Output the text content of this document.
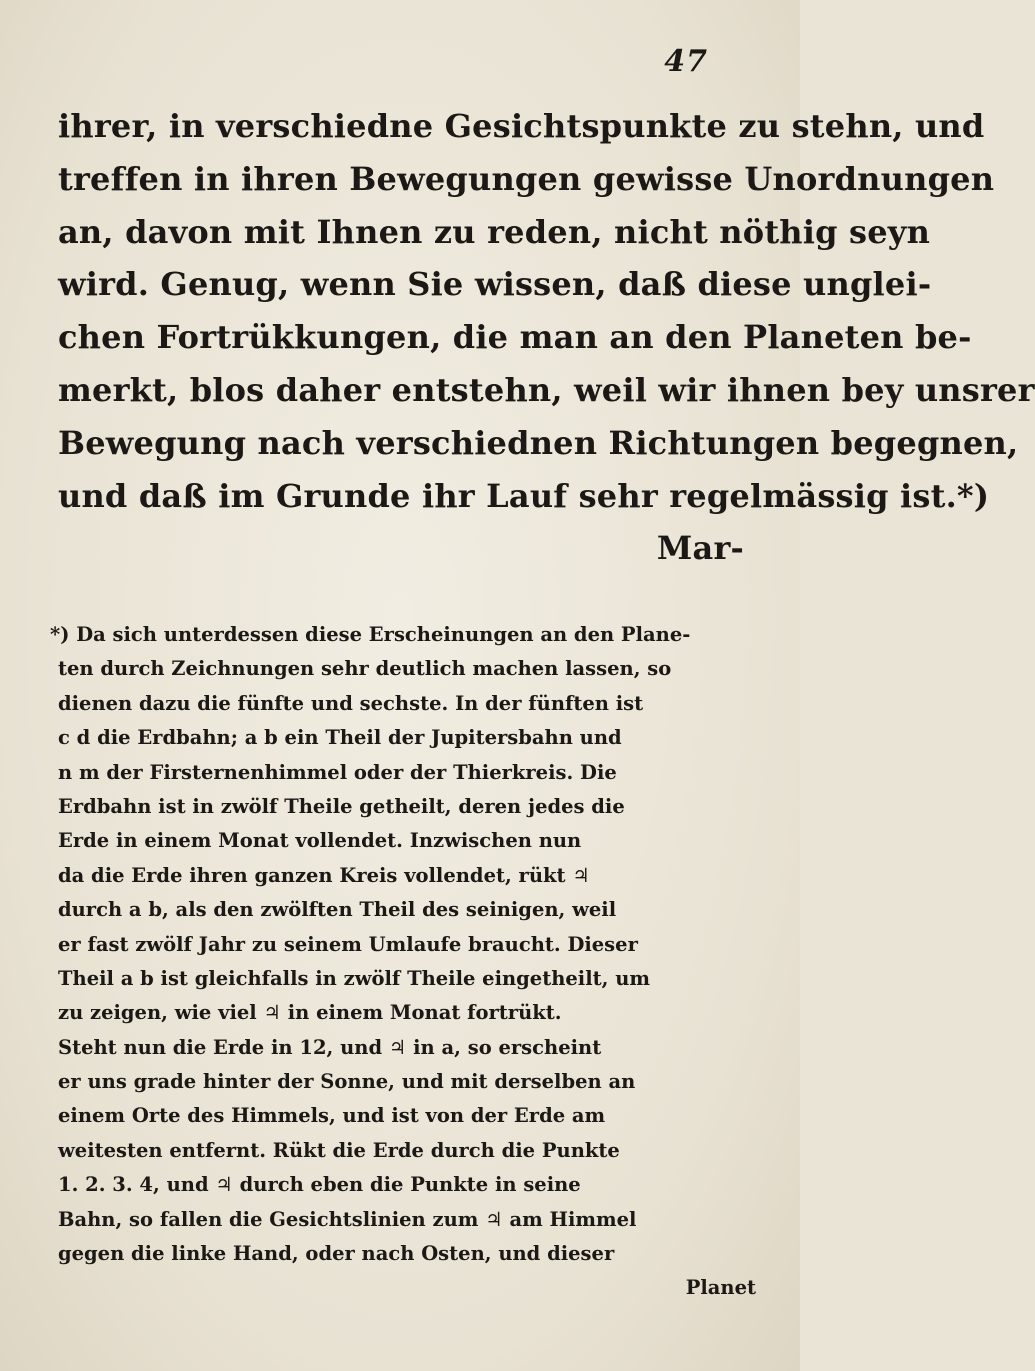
47
ihrer, in verschiedne Gesichtspunkte zu stehn, und
treffen in ihren Bewegungen gewisse Unordnungen
an, davon mit Ihnen zu reden, nicht nöthig seyn
wird. Genug, wenn Sie wissen, daß diese unglei-
chen Fortrükkungen, die man an den Planeten be-
merkt, blos daher entstehn, weil wir ihnen bey unsrer
Bewegung nach verschiednen Richtungen begegnen,
und daß im Grunde ihr Lauf sehr regelmässig ist.*)
Mar-
*) Da sich unterdessen diese Erscheinungen an den Plane-
ten durch Zeichnungen sehr deutlich machen lassen, so
dienen dazu die fünfte und sechste. In der fünften ist
c d die Erdbahn; a b ein Theil der Jupitersbahn und
n m der Firsternenhimmel oder der Thierkreis. Die
Erdbahn ist in zwölf Theile getheilt, deren jedes die
Erde in einem Monat vollendet. Inzwischen nun
da die Erde ihren ganzen Kreis vollendet, rükt ♃
durch a b, als den zwölften Theil des seinigen, weil
er fast zwölf Jahr zu seinem Umlaufe braucht. Dieser
Theil a b ist gleichfalls in zwölf Theile eingetheilt, um
zu zeigen, wie viel ♃ in einem Monat fortrükt.
Steht nun die Erde in 12, und ♃ in a, so erscheint
er uns grade hinter der Sonne, und mit derselben an
einem Orte des Himmels, und ist von der Erde am
weitesten entfernt. Rükt die Erde durch die Punkte
1. 2. 3. 4, und ♃ durch eben die Punkte in seine
Bahn, so fallen die Gesichtslinien zum ♃ am Himmel
gegen die linke Hand, oder nach Osten, und dieser
Planet
